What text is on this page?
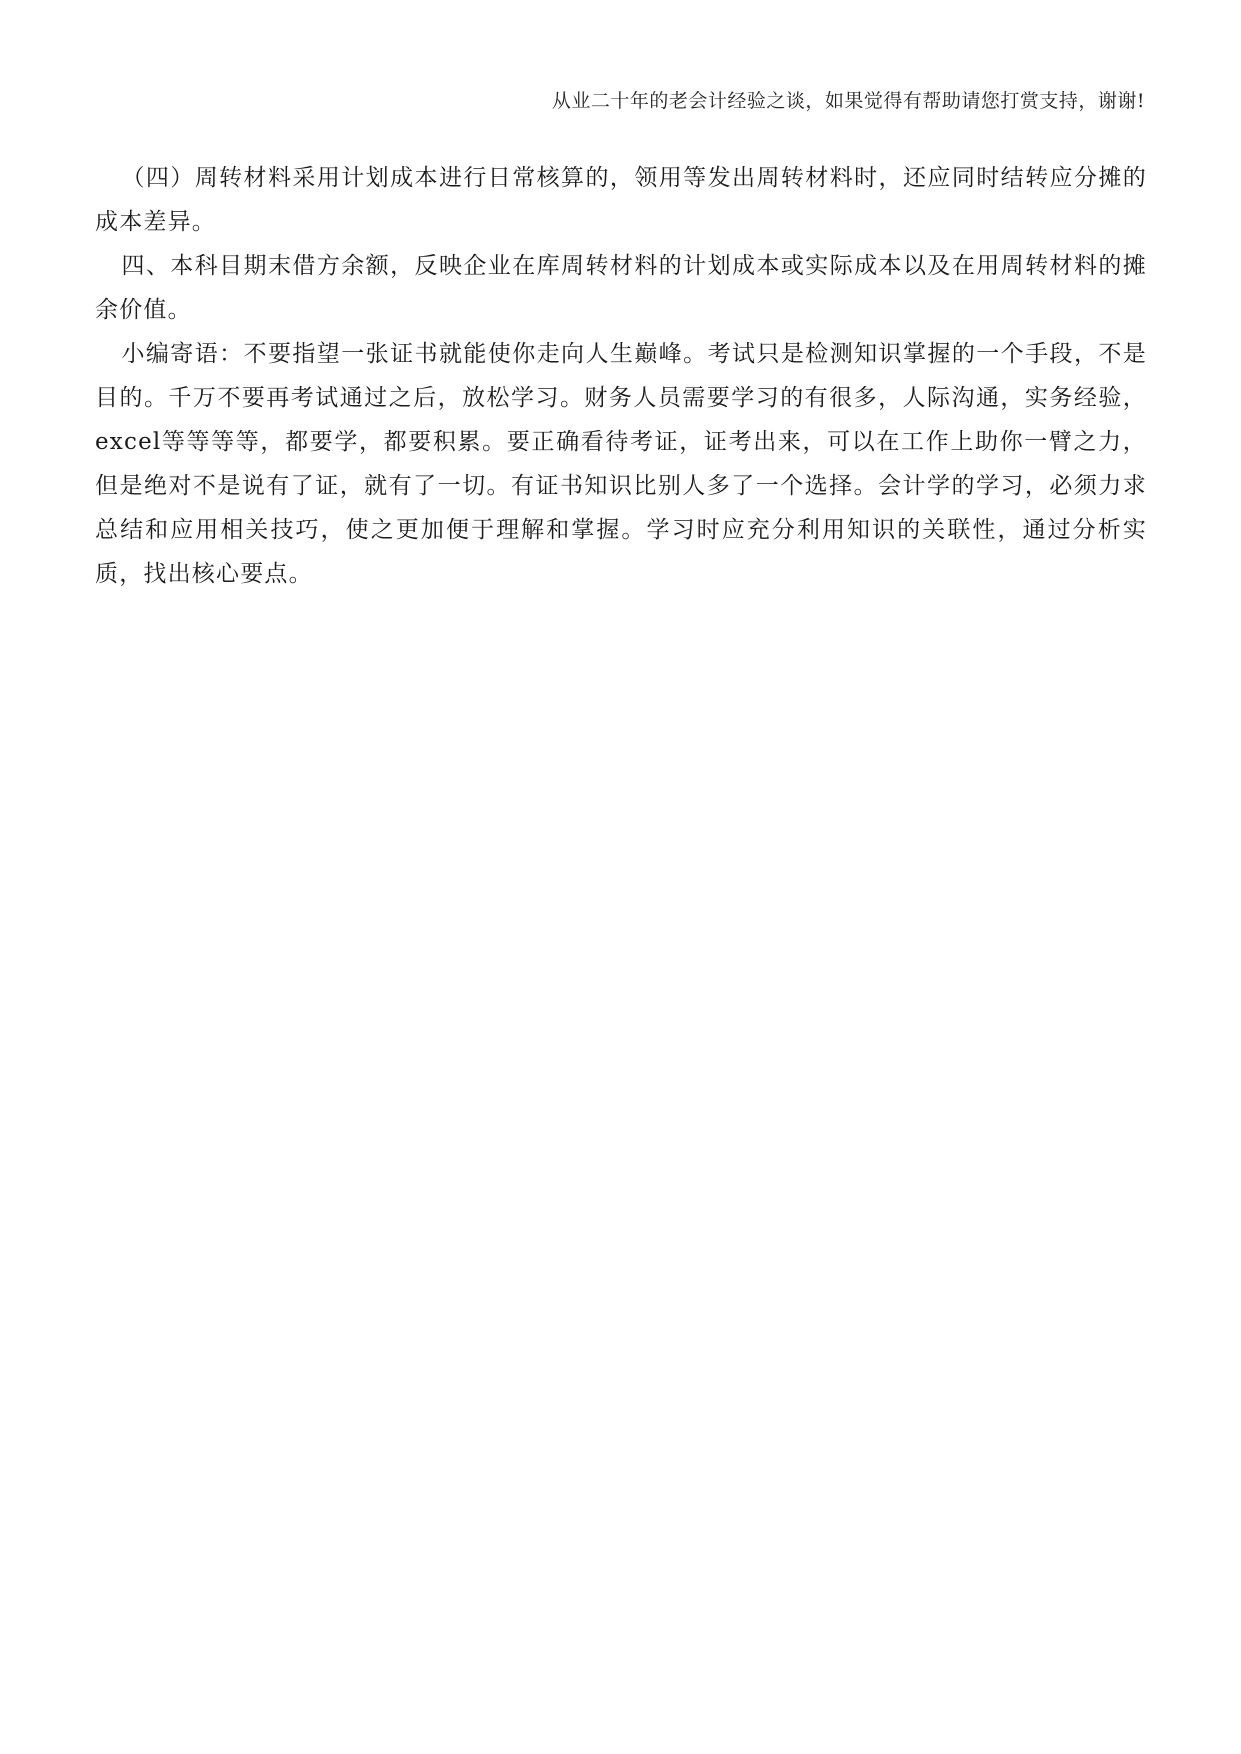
从业二十年的老会计经验之谈，如果觉得有帮助请您打赏支持，谢谢!

（四）周转材料采用计划成本进行日常核算的，领用等发出周转材料时，还应同时结转应分摊的成本差异。

四、本科目期末借方余额，反映企业在库周转材料的计划成本或实际成本以及在用周转材料的摊余价值。

小编寄语：不要指望一张证书就能使你走向人生巅峰。考试只是检测知识掌握的一个手段，不是目的。千万不要再考试通过之后，放松学习。财务人员需要学习的有很多，人际沟通，实务经验，excel等等等等，都要学，都要积累。要正确看待考证，证考出来，可以在工作上助你一臂之力，但是绝对不是说有了证，就有了一切。有证书知识比别人多了一个选择。会计学的学习，必须力求总结和应用相关技巧，使之更加便于理解和掌握。学习时应充分利用知识的关联性，通过分析实质，找出核心要点。
